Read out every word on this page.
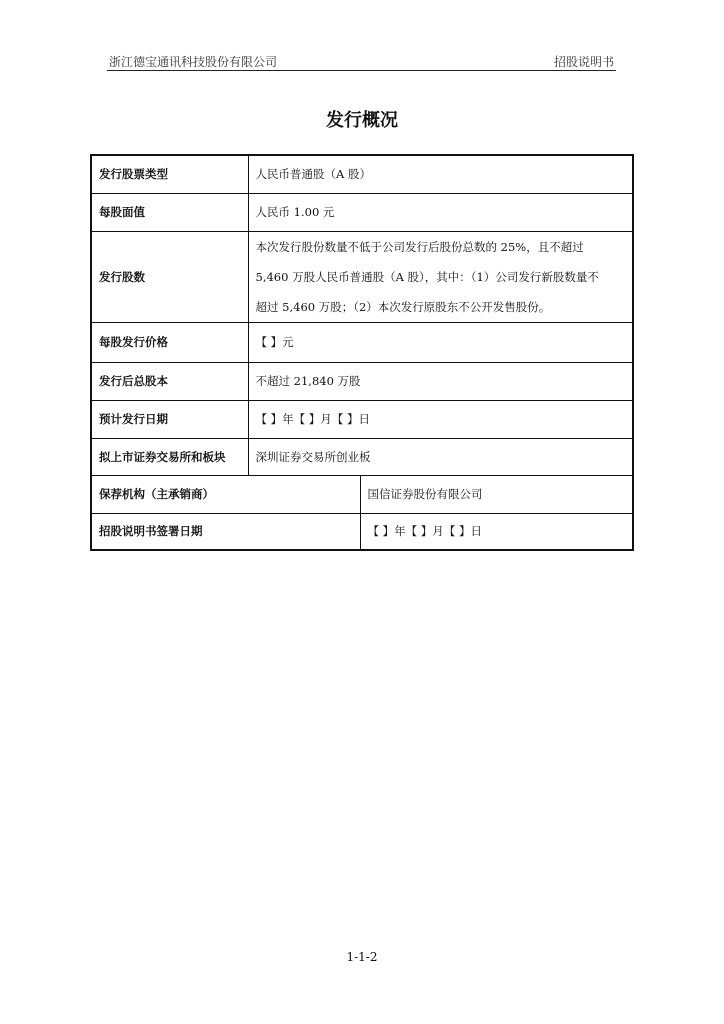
浙江德宝通讯科技股份有限公司	招股说明书
发行概况
发行股票类型	人民币普通股（A 股）	
每股面值	人民币 1.00 元	
发行股数	本次发行股份数量不低于公司发行后股份总数的 25%，且不超过
5,460 万股人民币普通股（A 股），其中：（1）公司发行新股数量不
超过 5,460 万股；（2）本次发行原股东不公开发售股份。	

每股发行价格	【 】元	
发行后总股本	不超过 21,840 万股	
预计发行日期	【 】年【 】月【 】日	
拟上市证券交易所和板块	深圳证券交易所创业板	
保荐机构（主承销商）		国信证券股份有限公司
招股说明书签署日期		【 】年【 】月【 】日
1-1-2
